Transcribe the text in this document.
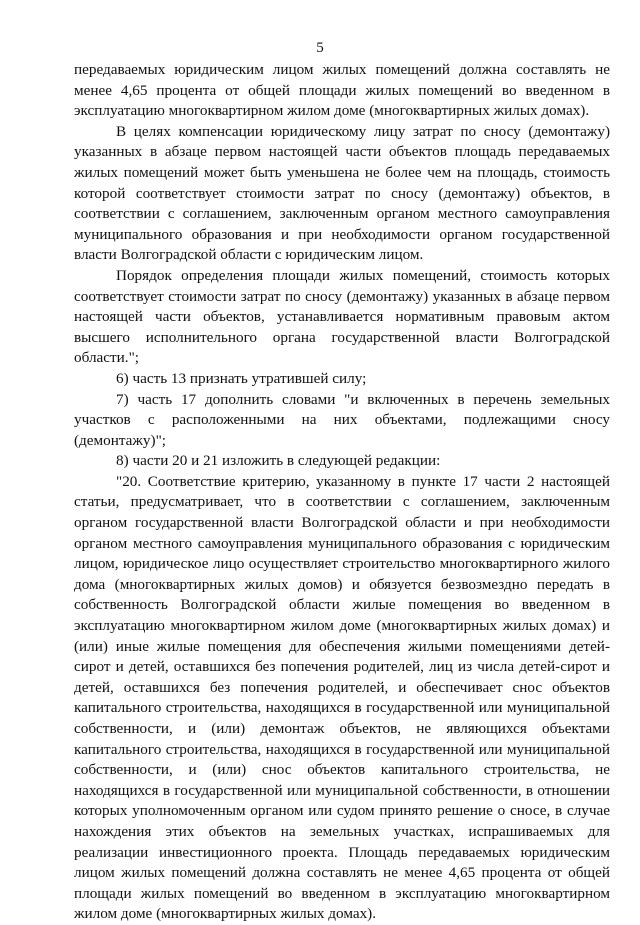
5

передаваемых юридическим лицом жилых помещений должна составлять не менее 4,65 процента от общей площади жилых помещений во введенном в эксплуатацию многоквартирном жилом доме (многоквартирных жилых домах).

В целях компенсации юридическому лицу затрат по сносу (демонтажу) указанных в абзаце первом настоящей части объектов площадь передаваемых жилых помещений может быть уменьшена не более чем на площадь, стоимость которой соответствует стоимости затрат по сносу (демонтажу) объектов, в соответствии с соглашением, заключенным органом местного самоуправления муниципального образования и при необходимости органом государственной власти Волгоградской области с юридическим лицом.

Порядок определения площади жилых помещений, стоимость которых соответствует стоимости затрат по сносу (демонтажу) указанных в абзаце первом настоящей части объектов, устанавливается нормативным правовым актом высшего исполнительного органа государственной власти Волгоградской области.";

6) часть 13 признать утратившей силу;

7) часть 17 дополнить словами "и включенных в перечень земельных участков с расположенными на них объектами, подлежащими сносу (демонтажу)";

8) части 20 и 21 изложить в следующей редакции:

"20. Соответствие критерию, указанному в пункте 17 части 2 настоящей статьи, предусматривает, что в соответствии с соглашением, заключенным органом государственной власти Волгоградской области и при необходимости органом местного самоуправления муниципального образования с юридическим лицом, юридическое лицо осуществляет строительство многоквартирного жилого дома (многоквартирных жилых домов) и обязуется безвозмездно передать в собственность Волгоградской области жилые помещения во введенном в эксплуатацию многоквартирном жилом доме (многоквартирных жилых домах) и (или) иные жилые помещения для обеспечения жилыми помещениями детей-сирот и детей, оставшихся без попечения родителей, лиц из числа детей-сирот и детей, оставшихся без попечения родителей, и обеспечивает снос объектов капитального строительства, находящихся в государственной или муниципальной собственности, и (или) демонтаж объектов, не являющихся объектами капитального строительства, находящихся в государственной или муниципальной собственности, и (или) снос объектов капитального строительства, не находящихся в государственной или муниципальной собственности, в отношении которых уполномоченным органом или судом принято решение о сносе, в случае нахождения этих объектов на земельных участках, испрашиваемых для реализации инвестиционного проекта. Площадь передаваемых юридическим лицом жилых помещений должна составлять не менее 4,65 процента от общей площади жилых помещений во введенном в эксплуатацию многоквартирном жилом доме (многоквартирных жилых домах).
